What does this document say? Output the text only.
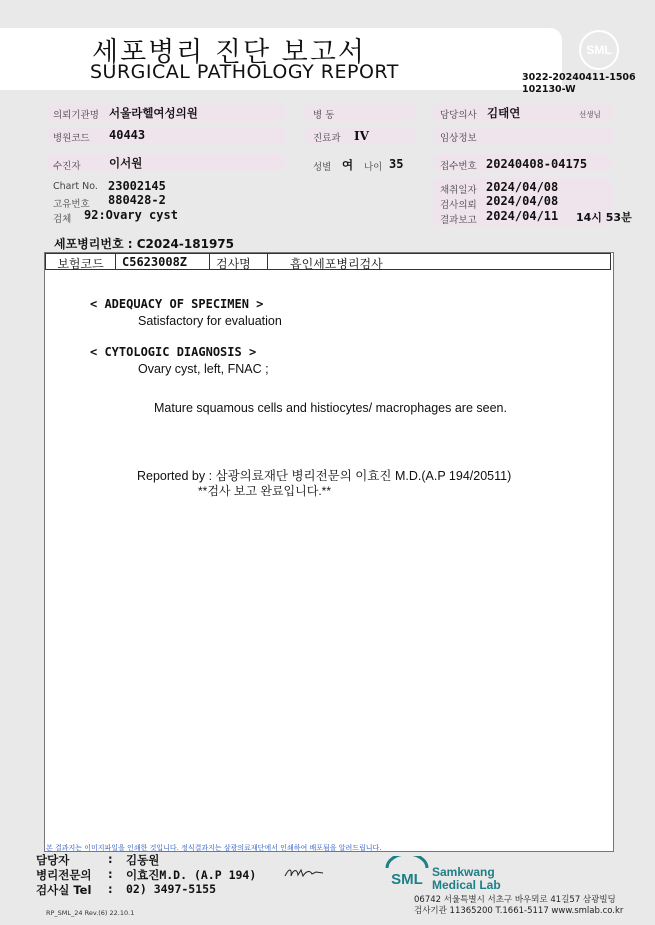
세포병리 진단 보고서
SURGICAL PATHOLOGY REPORT
SML
3022-20240411-1506
102130-W
의뢰기관명 서울라헬여성의원	병 동	담당의사 김태연	선생님
병원코드 40443	진료과 IV	임상정보
수진자 이서원	성별 여 나이 35	접수번호 20240408-04175
Chart No. 23002145
고유번호 880428-2
검체 92:Ovary cyst
채취일자 2024/04/08
검사의뢰 2024/04/08
결과보고 2024/04/11 14시 53분
세포병리번호 : C2024-181975
보험코드	C5623008Z	검사명	흡인세포병리검사
< ADEQUACY OF SPECIMEN >
Satisfactory for evaluation
< CYTOLOGIC DIAGNOSIS >
Ovary cyst, left, FNAC ;
Mature squamous cells and histiocytes/ macrophages are seen.
Reported by : 삼광의료재단 병리전문의 이효진 M.D.(A.P 194/20511)
**검사 보고 완료입니다.**
본 결과지는 이미지파일을 인쇄한 것입니다. 정식결과지는 삼광의료재단에서 인쇄하여 배포됨을 알려드립니다.
담당자	: 김동원
병리전문의 : 이효진M.D. (A.P 194)
검사실 Tel : 02) 3497-5155
RP_SML_24 Rev.(6) 22.10.1
SML Samkwang
Medical Lab
06742 서울특별시 서초구 바우뫼로 41길57 삼광빌딩
검사기관 11365200 T.1661-5117 www.smlab.co.kr
